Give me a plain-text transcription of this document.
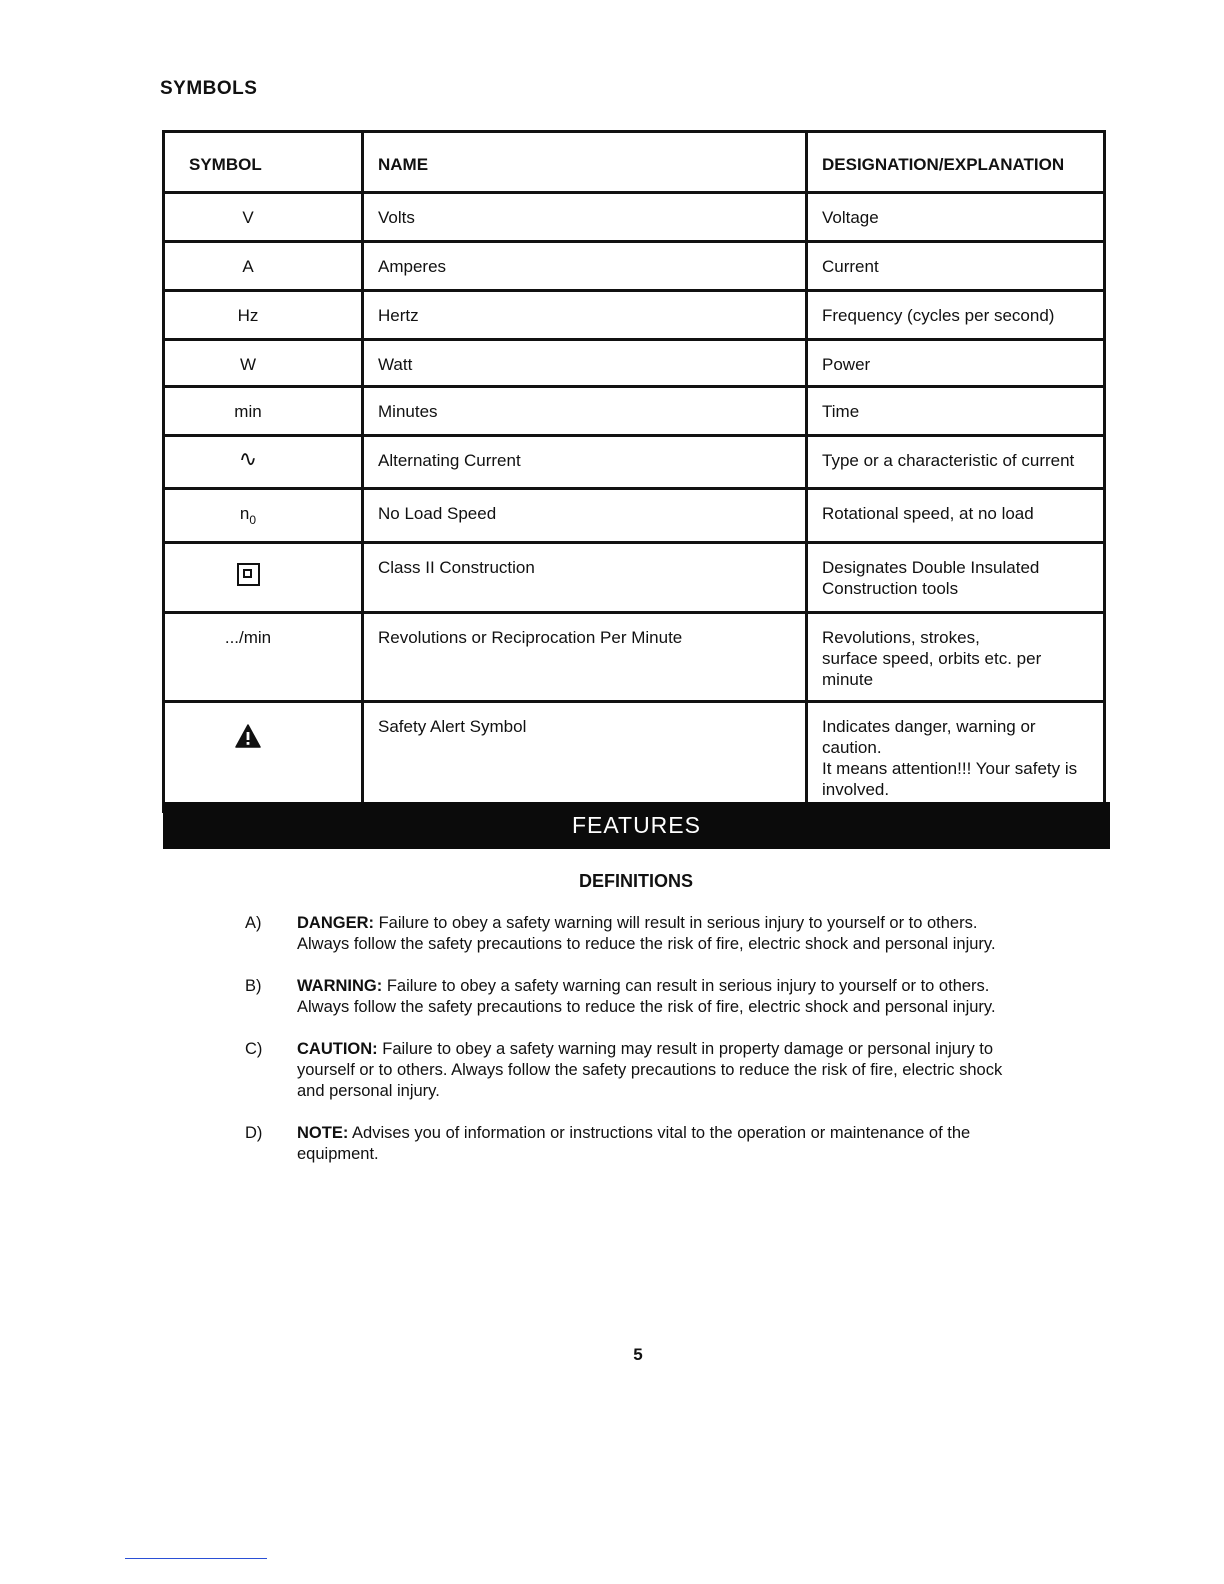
SYMBOLS
SYMBOL	NAME	DESIGNATION/EXPLANATION
V	Volts	Voltage
A	Amperes	Current
Hz	Hertz	Frequency (cycles per second)
W	Watt	Power
min	Minutes	Time
∿	Alternating Current	Type or a characteristic of current
$n_0$	No Load Speed	Rotational speed, at no load
	Class II Construction	Designates Double Insulated
Construction tools
.../min	Revolutions or Reciprocation Per Minute	Revolutions, strokes,
surface speed, orbits etc. per minute
	Safety Alert Symbol	Indicates danger, warning or caution.
It means attention!!! Your safety is
involved.
FEATURES
DEFINITIONS
A) DANGER: Failure to obey a safety warning will result in serious injury to yourself or to others. Always follow the safety precautions to reduce the risk of fire, electric shock and personal injury.
B) WARNING: Failure to obey a safety warning can result in serious injury to yourself or to others. Always follow the safety precautions to reduce the risk of fire, electric shock and personal injury.
C) CAUTION: Failure to obey a safety warning may result in property damage or personal injury to yourself or to others. Always follow the safety precautions to reduce the risk of fire, electric shock and personal injury.
D) NOTE: Advises you of information or instructions vital to the operation or maintenance of the equipment.
5
